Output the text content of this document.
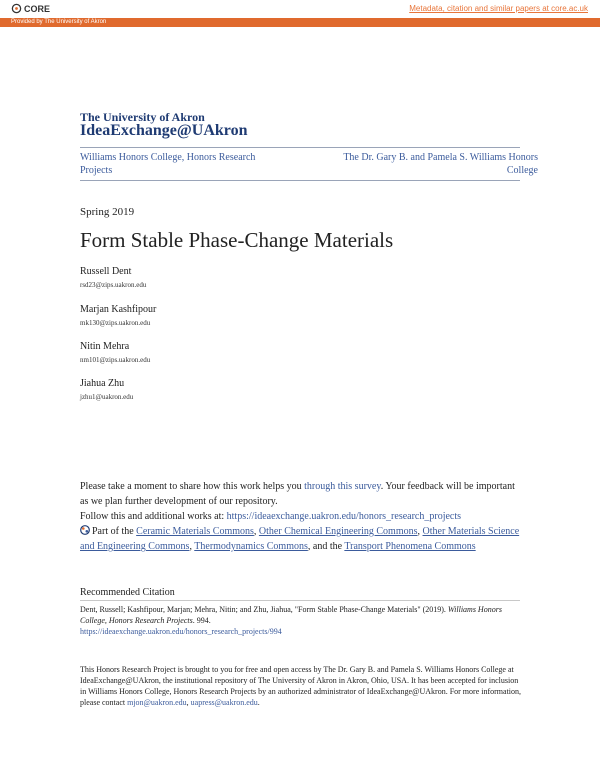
CORE	Metadata, citation and similar papers at core.ac.uk
Provided by The University of Akron
The University of Akron
IdeaExchange@UAkron
Williams Honors College, Honors Research Projects
The Dr. Gary B. and Pamela S. Williams Honors College
Spring 2019
Form Stable Phase-Change Materials
Russell Dent
rsd23@zips.uakron.edu
Marjan Kashfipour
mk130@zips.uakron.edu
Nitin Mehra
nm101@zips.uakron.edu
Jiahua Zhu
jzhu1@uakron.edu
Please take a moment to share how this work helps you through this survey. Your feedback will be important as we plan further development of our repository.
Follow this and additional works at: https://ideaexchange.uakron.edu/honors_research_projects
Part of the Ceramic Materials Commons, Other Chemical Engineering Commons, Other Materials Science and Engineering Commons, Thermodynamics Commons, and the Transport Phenomena Commons
Recommended Citation
Dent, Russell; Kashfipour, Marjan; Mehra, Nitin; and Zhu, Jiahua, "Form Stable Phase-Change Materials" (2019). Williams Honors College, Honors Research Projects. 994.
https://ideaexchange.uakron.edu/honors_research_projects/994
This Honors Research Project is brought to you for free and open access by The Dr. Gary B. and Pamela S. Williams Honors College at IdeaExchange@UAkron, the institutional repository of The University of Akron in Akron, Ohio, USA. It has been accepted for inclusion in Williams Honors College, Honors Research Projects by an authorized administrator of IdeaExchange@UAkron. For more information, please contact mjon@uakron.edu, uapress@uakron.edu.
